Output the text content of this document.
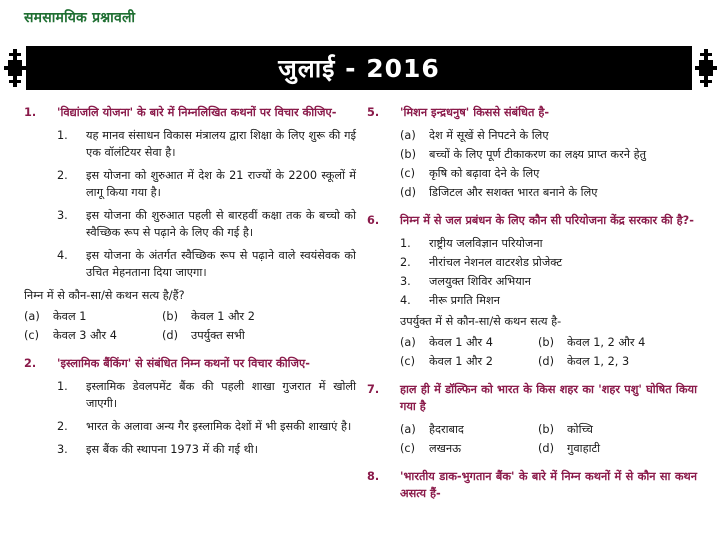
समसामयिक प्रश्नावली
जुलाई - 2016
1.	'विद्यांजलि योजना' के बारे में निम्नलिखित कथनों पर विचार कीजिए-
1.	यह मानव संसाधन विकास मंत्रालय द्वारा शिक्षा के लिए शुरू की गई एक वॉलंटियर सेवा है।
2.	इस योजना को शुरुआत में देश के 21 राज्यों के 2200 स्कूलों में लागू किया गया है।
3.	इस योजना की शुरुआत पहली से बारहवीं कक्षा तक के बच्चो को स्वैच्छिक रूप से पढ़ाने के लिए की गई है।
4.	इस योजना के अंतर्गत स्वैच्छिक रूप से पढ़ाने वाले स्वयंसेवक को उचित मेहनताना दिया जाएगा।
निम्न में से कौन-सा/से कथन सत्य है/हैं?
(a)	केवल 1	(b)	केवल 1 और 2
(c)	केवल 3 और 4	(d)	उपर्युक्त सभी
2.	'इस्लामिक बैंकिंग' से संबंधित निम्न कथनों पर विचार कीजिए-
1.	इस्लामिक डेवलपमेंट बैंक की पहली शाखा गुजरात में खोली जाएगी।
2.	भारत के अलावा अन्य गैर इस्लामिक देशों में भी इसकी शाखाएं है।
3.	इस बैंक की स्थापना 1973 में की गई थी।
5.	'मिशन इन्द्रधनुष' किससे संबंधित है-
(a)	देश में सूखें से निपटने के लिए
(b)	बच्चों के लिए पूर्ण टीकाकरण का लक्ष्य प्राप्त करने हेतु
(c)	कृषि को बढ़ावा देने के लिए
(d)	डिजिटल और सशक्त भारत बनाने के लिए
6.	निम्न में से जल प्रबंधन के लिए कौन सी परियोजना केंद्र सरकार की है?-
1.	राष्ट्रीय जलविज्ञान परियोजना
2.	नीरांचल नेशनल वाटरशेड प्रोजेक्ट
3.	जलयुक्त शिविर अभियान
4.	नीरू प्रगति मिशन
उपर्युक्त में से कौन-सा/से कथन सत्य है-
(a)	केवल 1 और 4	(b)	केवल 1, 2 और 4
(c)	केवल 1 और 2	(d)	केवल 1, 2, 3
7.	हाल ही में डॉल्फिन को भारत के किस शहर का 'शहर पशु' घोषित किया गया है
(a)	हैदराबाद	(b)	कोच्चि
(c)	लखनऊ	(d)	गुवाहाटी
8.	'भारतीय डाक-भुगतान बैंक' के बारे में निम्न कथनों में से कौन सा कथन असत्य हैं-
